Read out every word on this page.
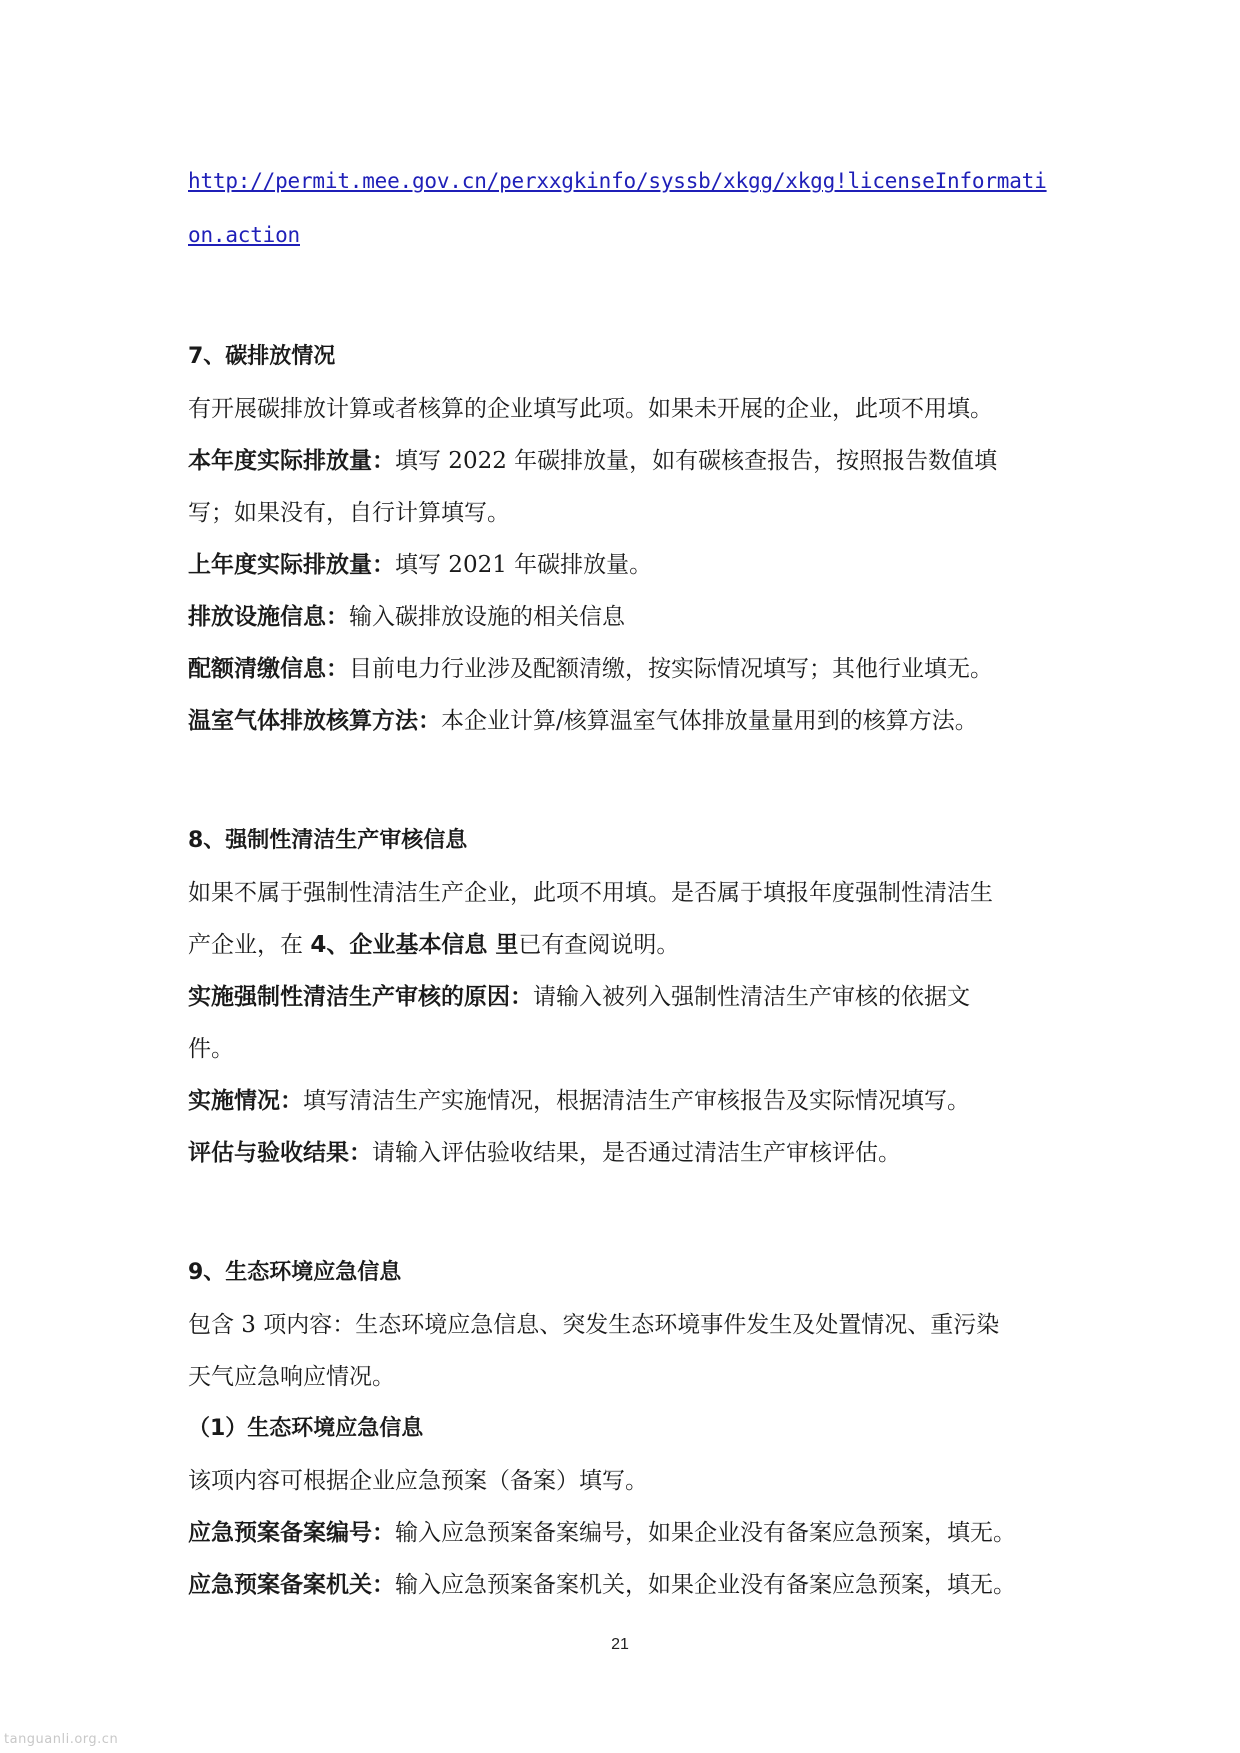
http://permit.mee.gov.cn/perxxgkinfo/syssb/xkgg/xkgg!licenseInformati
on.action
7、碳排放情况
有开展碳排放计算或者核算的企业填写此项。如果未开展的企业，此项不用填。
本年度实际排放量：填写 2022 年碳排放量，如有碳核查报告，按照报告数值填
写；如果没有，自行计算填写。
上年度实际排放量：填写 2021 年碳排放量。
排放设施信息：输入碳排放设施的相关信息
配额清缴信息：目前电力行业涉及配额清缴，按实际情况填写；其他行业填无。
温室气体排放核算方法：本企业计算/核算温室气体排放量量用到的核算方法。
8、强制性清洁生产审核信息
如果不属于强制性清洁生产企业，此项不用填。是否属于填报年度强制性清洁生
产企业，在 4、企业基本信息 里已有查阅说明。
实施强制性清洁生产审核的原因：请输入被列入强制性清洁生产审核的依据文
件。
实施情况：填写清洁生产实施情况，根据清洁生产审核报告及实际情况填写。
评估与验收结果：请输入评估验收结果，是否通过清洁生产审核评估。
9、生态环境应急信息
包含 3 项内容：生态环境应急信息、突发生态环境事件发生及处置情况、重污染
天气应急响应情况。
（1）生态环境应急信息
该项内容可根据企业应急预案（备案）填写。
应急预案备案编号：输入应急预案备案编号，如果企业没有备案应急预案，填无。
应急预案备案机关：输入应急预案备案机关，如果企业没有备案应急预案，填无。
21
tanguanli.org.cn
